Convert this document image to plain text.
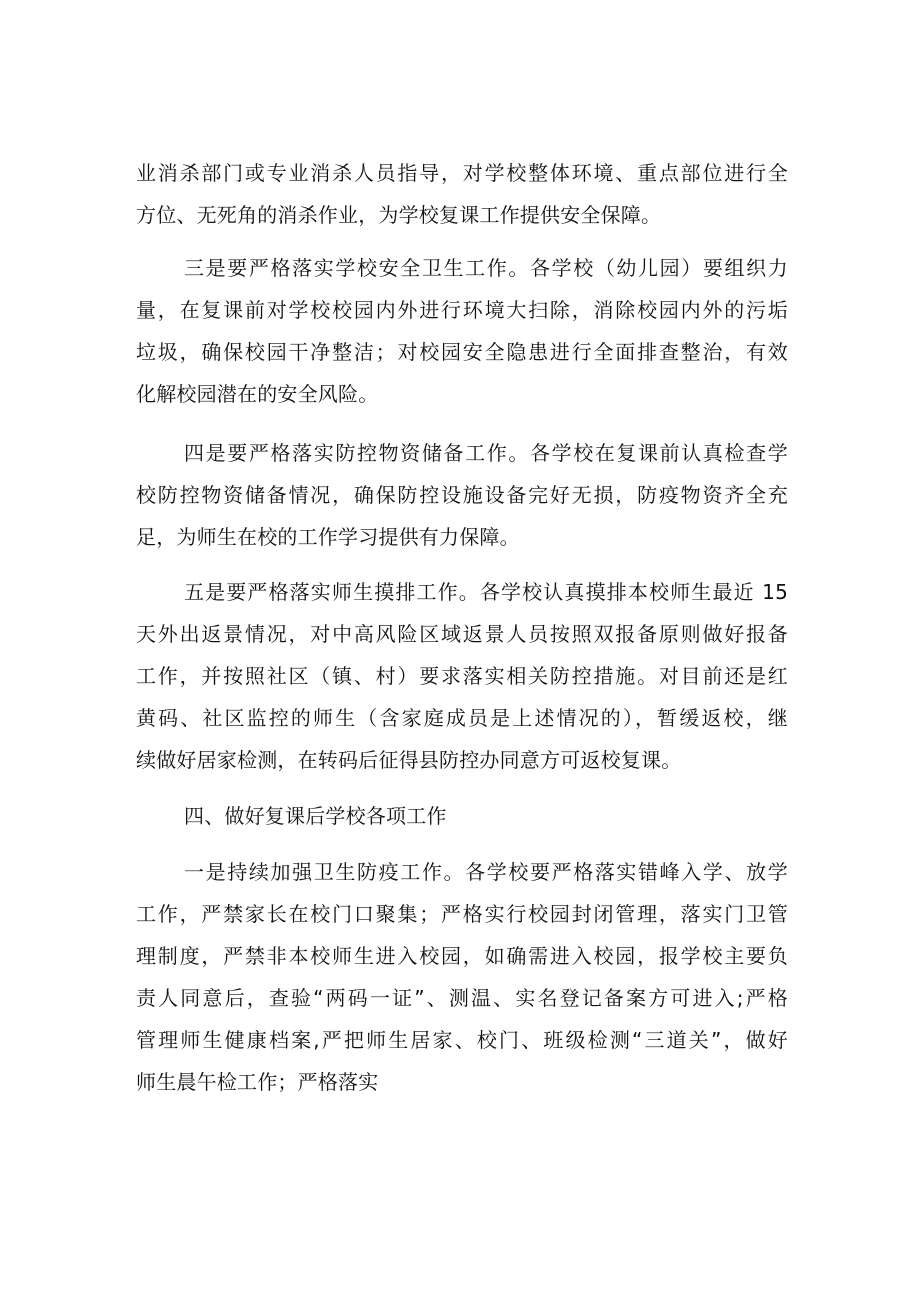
业消杀部门或专业消杀人员指导，对学校整体环境、重点部位进行全
方位、无死角的消杀作业，为学校复课工作提供安全保障。
三是要严格落实学校安全卫生工作。各学校（幼儿园）要组织力
量，在复课前对学校校园内外进行环境大扫除，消除校园内外的污垢
垃圾，确保校园干净整洁；对校园安全隐患进行全面排查整治，有效
化解校园潜在的安全风险。
四是要严格落实防控物资储备工作。各学校在复课前认真检查学
校防控物资储备情况，确保防控设施设备完好无损，防疫物资齐全充
足，为师生在校的工作学习提供有力保障。
五是要严格落实师生摸排工作。各学校认真摸排本校师生最近 15
天外出返景情况，对中高风险区域返景人员按照双报备原则做好报备
工作，并按照社区（镇、村）要求落实相关防控措施。对目前还是红
黄码、社区监控的师生（含家庭成员是上述情况的），暂缓返校，继
续做好居家检测，在转码后征得县防控办同意方可返校复课。
四、做好复课后学校各项工作
一是持续加强卫生防疫工作。各学校要严格落实错峰入学、放学
工作，严禁家长在校门口聚集；严格实行校园封闭管理，落实门卫管
理制度，严禁非本校师生进入校园，如确需进入校园，报学校主要负
责人同意后，查验“两码一证”、测温、实名登记备案方可进入;严格
管理师生健康档案,严把师生居家、校门、班级检测“三道关”，做好
师生晨午检工作；严格落实
